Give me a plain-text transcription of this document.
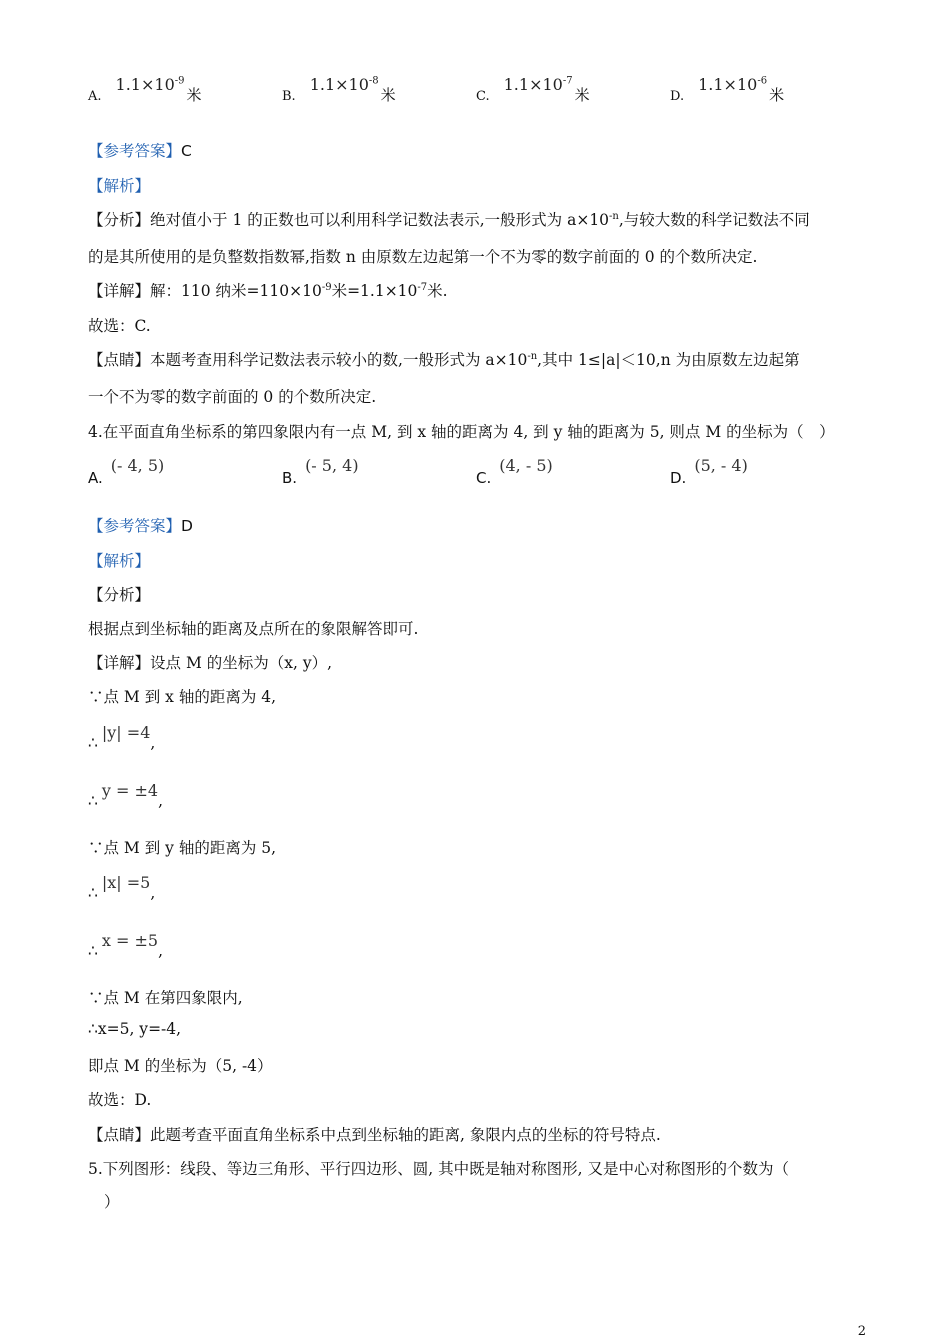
$A.1.1\times 10^{-9}$米	$B.1.1\times 10^{-8}$米	$C.1.1\times 10^{-7}$米	$D.1.1\times 10^{-6}$米
【参考答案】C
【解析】
【分析】绝对值小于 1 的正数也可以利用科学记数法表示,一般形式为 $a\times 10^{-n}$,与较大数的科学记数法不同
的是其所使用的是负整数指数幂,指数 n 由原数左边起第一个不为零的数字前面的 0 的个数所决定.
【详解】解：110 纳米$=110\times 10^{-9}$米$=1.1\times 10^{-7}$米.
故选：C.
【点睛】本题考查用科学记数法表示较小的数,一般形式为 $a\times 10^{-n}$,其中 1≤|a|＜10,n 为由原数左边起第
一个不为零的数字前面的 0 的个数所决定.
4.在平面直角坐标系的第四象限内有一点 M, 到 x 轴的距离为 4, 到 y 轴的距离为 5, 则点 M 的坐标为（　）
A.(- 4, 5)
B.(- 5, 4)
C.(4, - 5)
D.(5, - 4)
【参考答案】D
【解析】
【分析】
根据点到坐标轴的距离及点所在的象限解答即可.
【详解】设点 M 的坐标为（x, y）,
∵点 M 到 x 轴的距离为 4,
∴|y| =4,
∴y = ±4,
∵点 M 到 y 轴的距离为 5,
∴|x| =5,
∴x = ±5,
∵点 M 在第四象限内,
∴x=5, y=-4,
即点 M 的坐标为（5, -4）
故选：D.
【点睛】此题考查平面直角坐标系中点到坐标轴的距离, 象限内点的坐标的符号特点.
5.下列图形：线段、等边三角形、平行四边形、圆, 其中既是轴对称图形, 又是中心对称图形的个数为（
）
2
